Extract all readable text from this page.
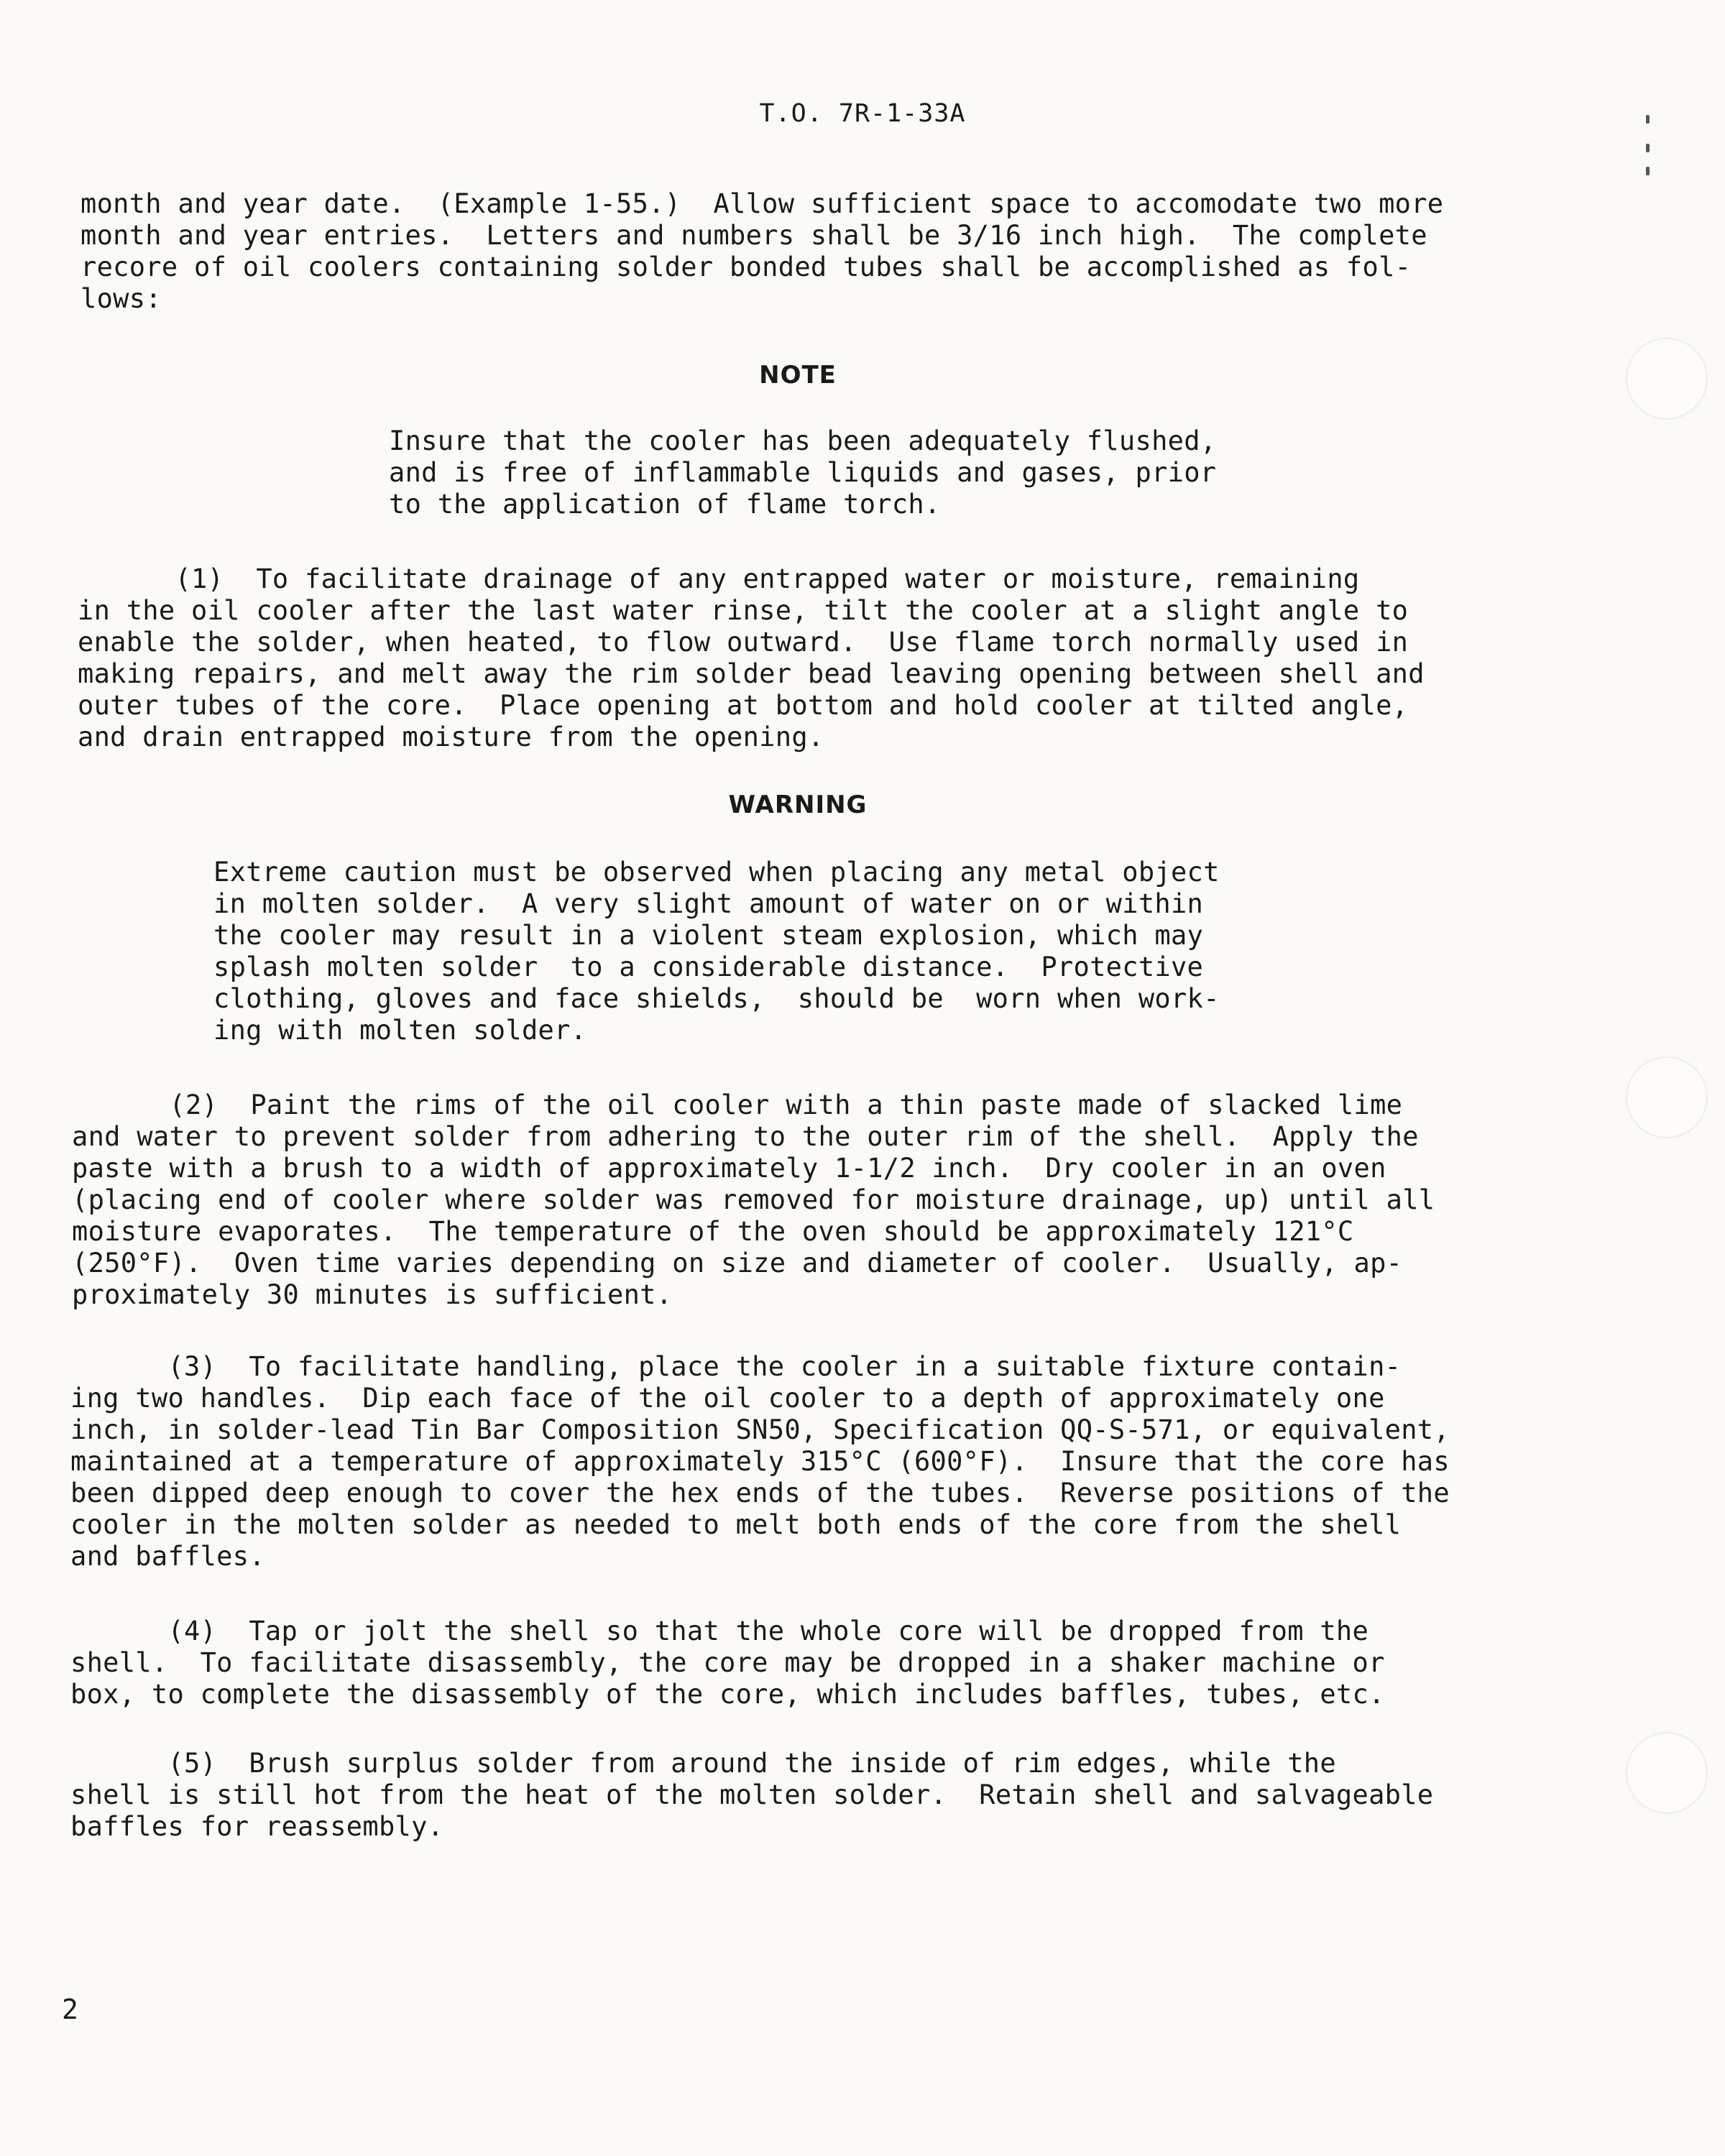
T.O. 7R-1-33A
month and year date.  (Example 1-55.)  Allow sufficient space to accomodate two more
month and year entries.  Letters and numbers shall be 3/16 inch high.  The complete
recore of oil coolers containing solder bonded tubes shall be accomplished as fol-
lows:
NOTE
Insure that the cooler has been adequately flushed,
and is free of inflammable liquids and gases, prior
to the application of flame torch.
(1)  To facilitate drainage of any entrapped water or moisture, remaining
in the oil cooler after the last water rinse, tilt the cooler at a slight angle to
enable the solder, when heated, to flow outward.  Use flame torch normally used in
making repairs, and melt away the rim solder bead leaving opening between shell and
outer tubes of the core.  Place opening at bottom and hold cooler at tilted angle,
and drain entrapped moisture from the opening.
WARNING
Extreme caution must be observed when placing any metal object
in molten solder.  A very slight amount of water on or within
the cooler may result in a violent steam explosion, which may
splash molten solder  to a considerable distance.  Protective
clothing, gloves and face shields,  should be  worn when work-
ing with molten solder.
(2)  Paint the rims of the oil cooler with a thin paste made of slacked lime
and water to prevent solder from adhering to the outer rim of the shell.  Apply the
paste with a brush to a width of approximately 1-1/2 inch.  Dry cooler in an oven
(placing end of cooler where solder was removed for moisture drainage, up) until all
moisture evaporates.  The temperature of the oven should be approximately 121°C
(250°F).  Oven time varies depending on size and diameter of cooler.  Usually, ap-
proximately 30 minutes is sufficient.
(3)  To facilitate handling, place the cooler in a suitable fixture contain-
ing two handles.  Dip each face of the oil cooler to a depth of approximately one
inch, in solder-lead Tin Bar Composition SN50, Specification QQ-S-571, or equivalent,
maintained at a temperature of approximately 315°C (600°F).  Insure that the core has
been dipped deep enough to cover the hex ends of the tubes.  Reverse positions of the
cooler in the molten solder as needed to melt both ends of the core from the shell
and baffles.
(4)  Tap or jolt the shell so that the whole core will be dropped from the
shell.  To facilitate disassembly, the core may be dropped in a shaker machine or
box, to complete the disassembly of the core, which includes baffles, tubes, etc.
(5)  Brush surplus solder from around the inside of rim edges, while the
shell is still hot from the heat of the molten solder.  Retain shell and salvageable
baffles for reassembly.
2
